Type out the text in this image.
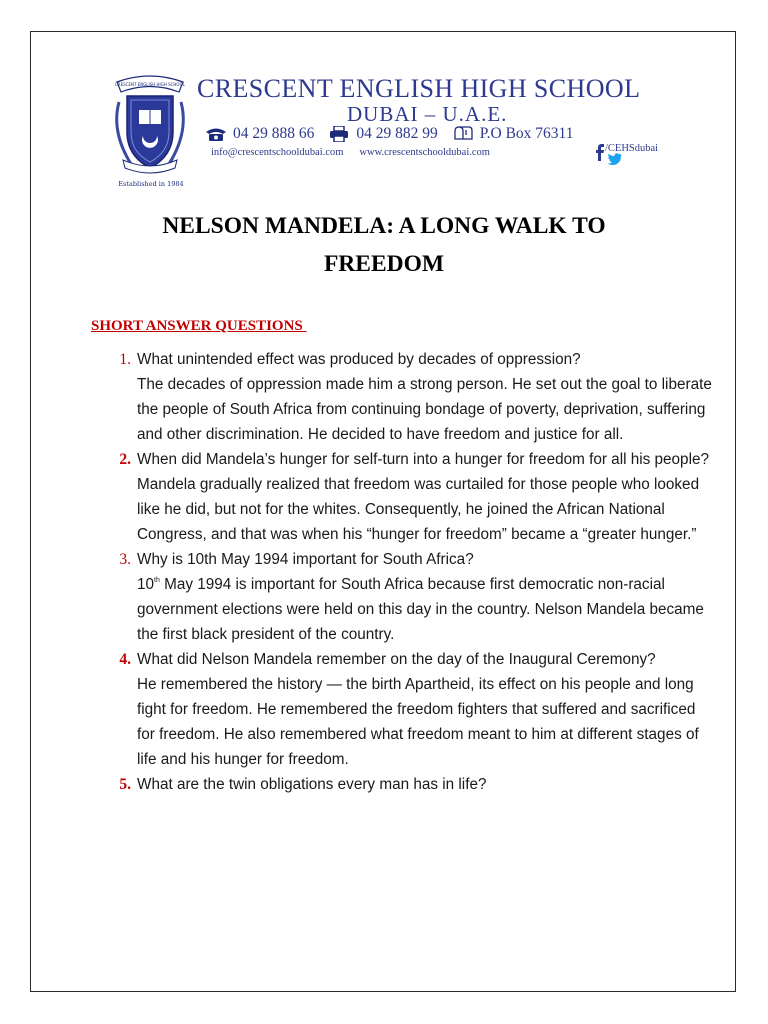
CRESCENT ENGLISH HIGH SCHOOL
Established in 1984
CRESCENT ENGLISH HIGH SCHOOL
DUBAI – U.A.E.
04 29 888 66	04 29 882 99	P.O Box 76311
info@crescentschooldubai.com www.crescentschooldubai.com	/CEHSdubai
NELSON MANDELA: A LONG WALK TO
FREEDOM
SHORT ANSWER QUESTIONS
1. What unintended effect was produced by decades of oppression?
The decades of oppression made him a strong person. He set out the goal to liberate the people of South Africa from continuing bondage of poverty, deprivation, suffering and other discrimination. He decided to have freedom and justice for all.
2. When did Mandela’s hunger for self-turn into a hunger for freedom for all his people?
Mandela gradually realized that freedom was curtailed for those people who looked like he did, but not for the whites. Consequently, he joined the African National Congress, and that was when his “hunger for freedom” became a “greater hunger.”
3. Why is 10th May 1994 important for South Africa?
10th May 1994 is important for South Africa because first democratic non-racial government elections were held on this day in the country. Nelson Mandela became the first black president of the country.
4. What did Nelson Mandela remember on the day of the Inaugural Ceremony?
He remembered the history — the birth Apartheid, its effect on his people and long fight for freedom. He remembered the freedom fighters that suffered and sacrificed for freedom. He also remembered what freedom meant to him at different stages of life and his hunger for freedom.
5. What are the twin obligations every man has in life?
